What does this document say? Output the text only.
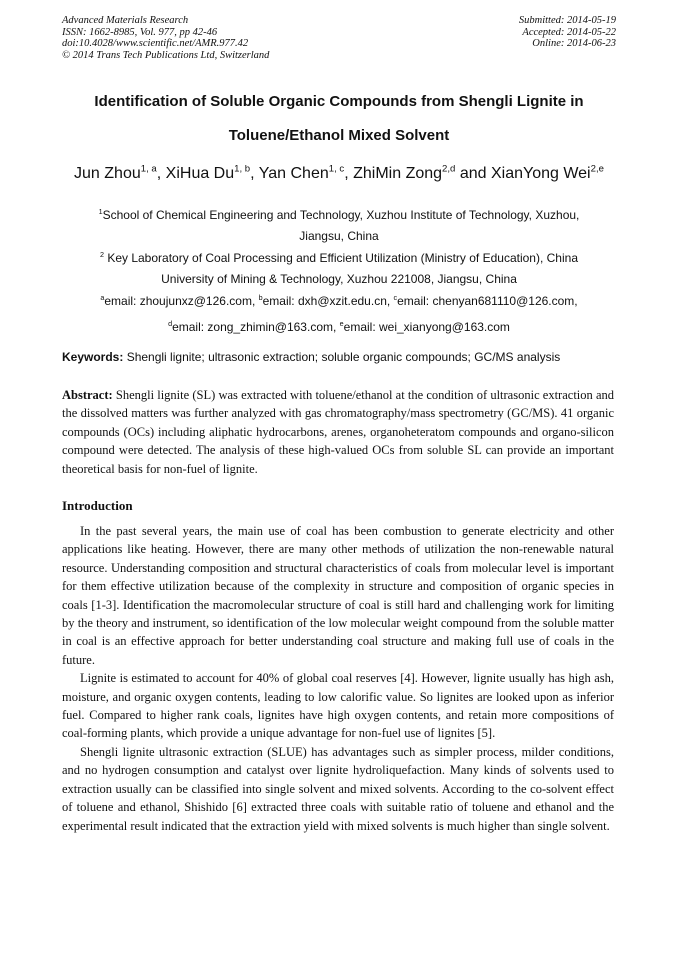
Advanced Materials Research
ISSN: 1662-8985, Vol. 977, pp 42-46
doi:10.4028/www.scientific.net/AMR.977.42
© 2014 Trans Tech Publications Ltd, Switzerland
Submitted: 2014-05-19
Accepted: 2014-05-22
Online: 2014-06-23
Identification of Soluble Organic Compounds from Shengli Lignite in
Toluene/Ethanol Mixed Solvent
Jun Zhou$^{1, a}$, XiHua Du$^{1, b}$, Yan Chen$^{1, c}$, ZhiMin Zong$^{2,d}$ and XianYong Wei$^{2,e}$
$^1$School of Chemical Engineering and Technology, Xuzhou Institute of Technology, Xuzhou,
Jiangsu, China
$^2$ Key Laboratory of Coal Processing and Efficient Utilization (Ministry of Education), China
University of Mining & Technology, Xuzhou 221008, Jiangsu, China
$^a$email: zhoujunxz@126.com, $^b$email: dxh@xzit.edu.cn, $^c$email: chenyan681110@126.com,
$^d$email: zong_zhimin@163.com, $^e$email: wei_xianyong@163.com
Keywords: Shengli lignite; ultrasonic extraction; soluble organic compounds; GC/MS analysis

Abstract: Shengli lignite (SL) was extracted with toluene/ethanol at the condition of ultrasonic extraction and the dissolved matters was further analyzed with gas chromatography/mass spectrometry (GC/MS). 41 organic compounds (OCs) including aliphatic hydrocarbons, arenes, organoheteratom compounds and organo-silicon compound were detected. The analysis of these high-valued OCs from soluble SL can provide an important theoretical basis for non-fuel of lignite.

Introduction

In the past several years, the main use of coal has been combustion to generate electricity and other applications like heating. However, there are many other methods of utilization the non-renewable natural resource. Understanding composition and structural characteristics of coals from molecular level is important for them effective utilization because of the complexity in structure and composition of organic species in coals [1-3]. Identification the macromolecular structure of coal is still hard and challenging work for limiting by the theory and instrument, so identification of the low molecular weight compound from the soluble matter in coal is an effective approach for better understanding coal structure and making full use of coals in the future.

Lignite is estimated to account for 40% of global coal reserves [4]. However, lignite usually has high ash, moisture, and organic oxygen contents, leading to low calorific value. So lignites are looked upon as inferior fuel. Compared to higher rank coals, lignites have high oxygen contents, and retain more compositions of coal-forming plants, which provide a unique advantage for non-fuel use of lignites [5].

Shengli lignite ultrasonic extraction (SLUE) has advantages such as simpler process, milder conditions, and no hydrogen consumption and catalyst over lignite hydroliquefaction. Many kinds of solvents used to extraction usually can be classified into single solvent and mixed solvents. According to the co-solvent effect of toluene and ethanol, Shishido [6] extracted three coals with suitable ratio of toluene and ethanol and the experimental result indicated that the extraction yield with mixed solvents is much higher than single solvent.
